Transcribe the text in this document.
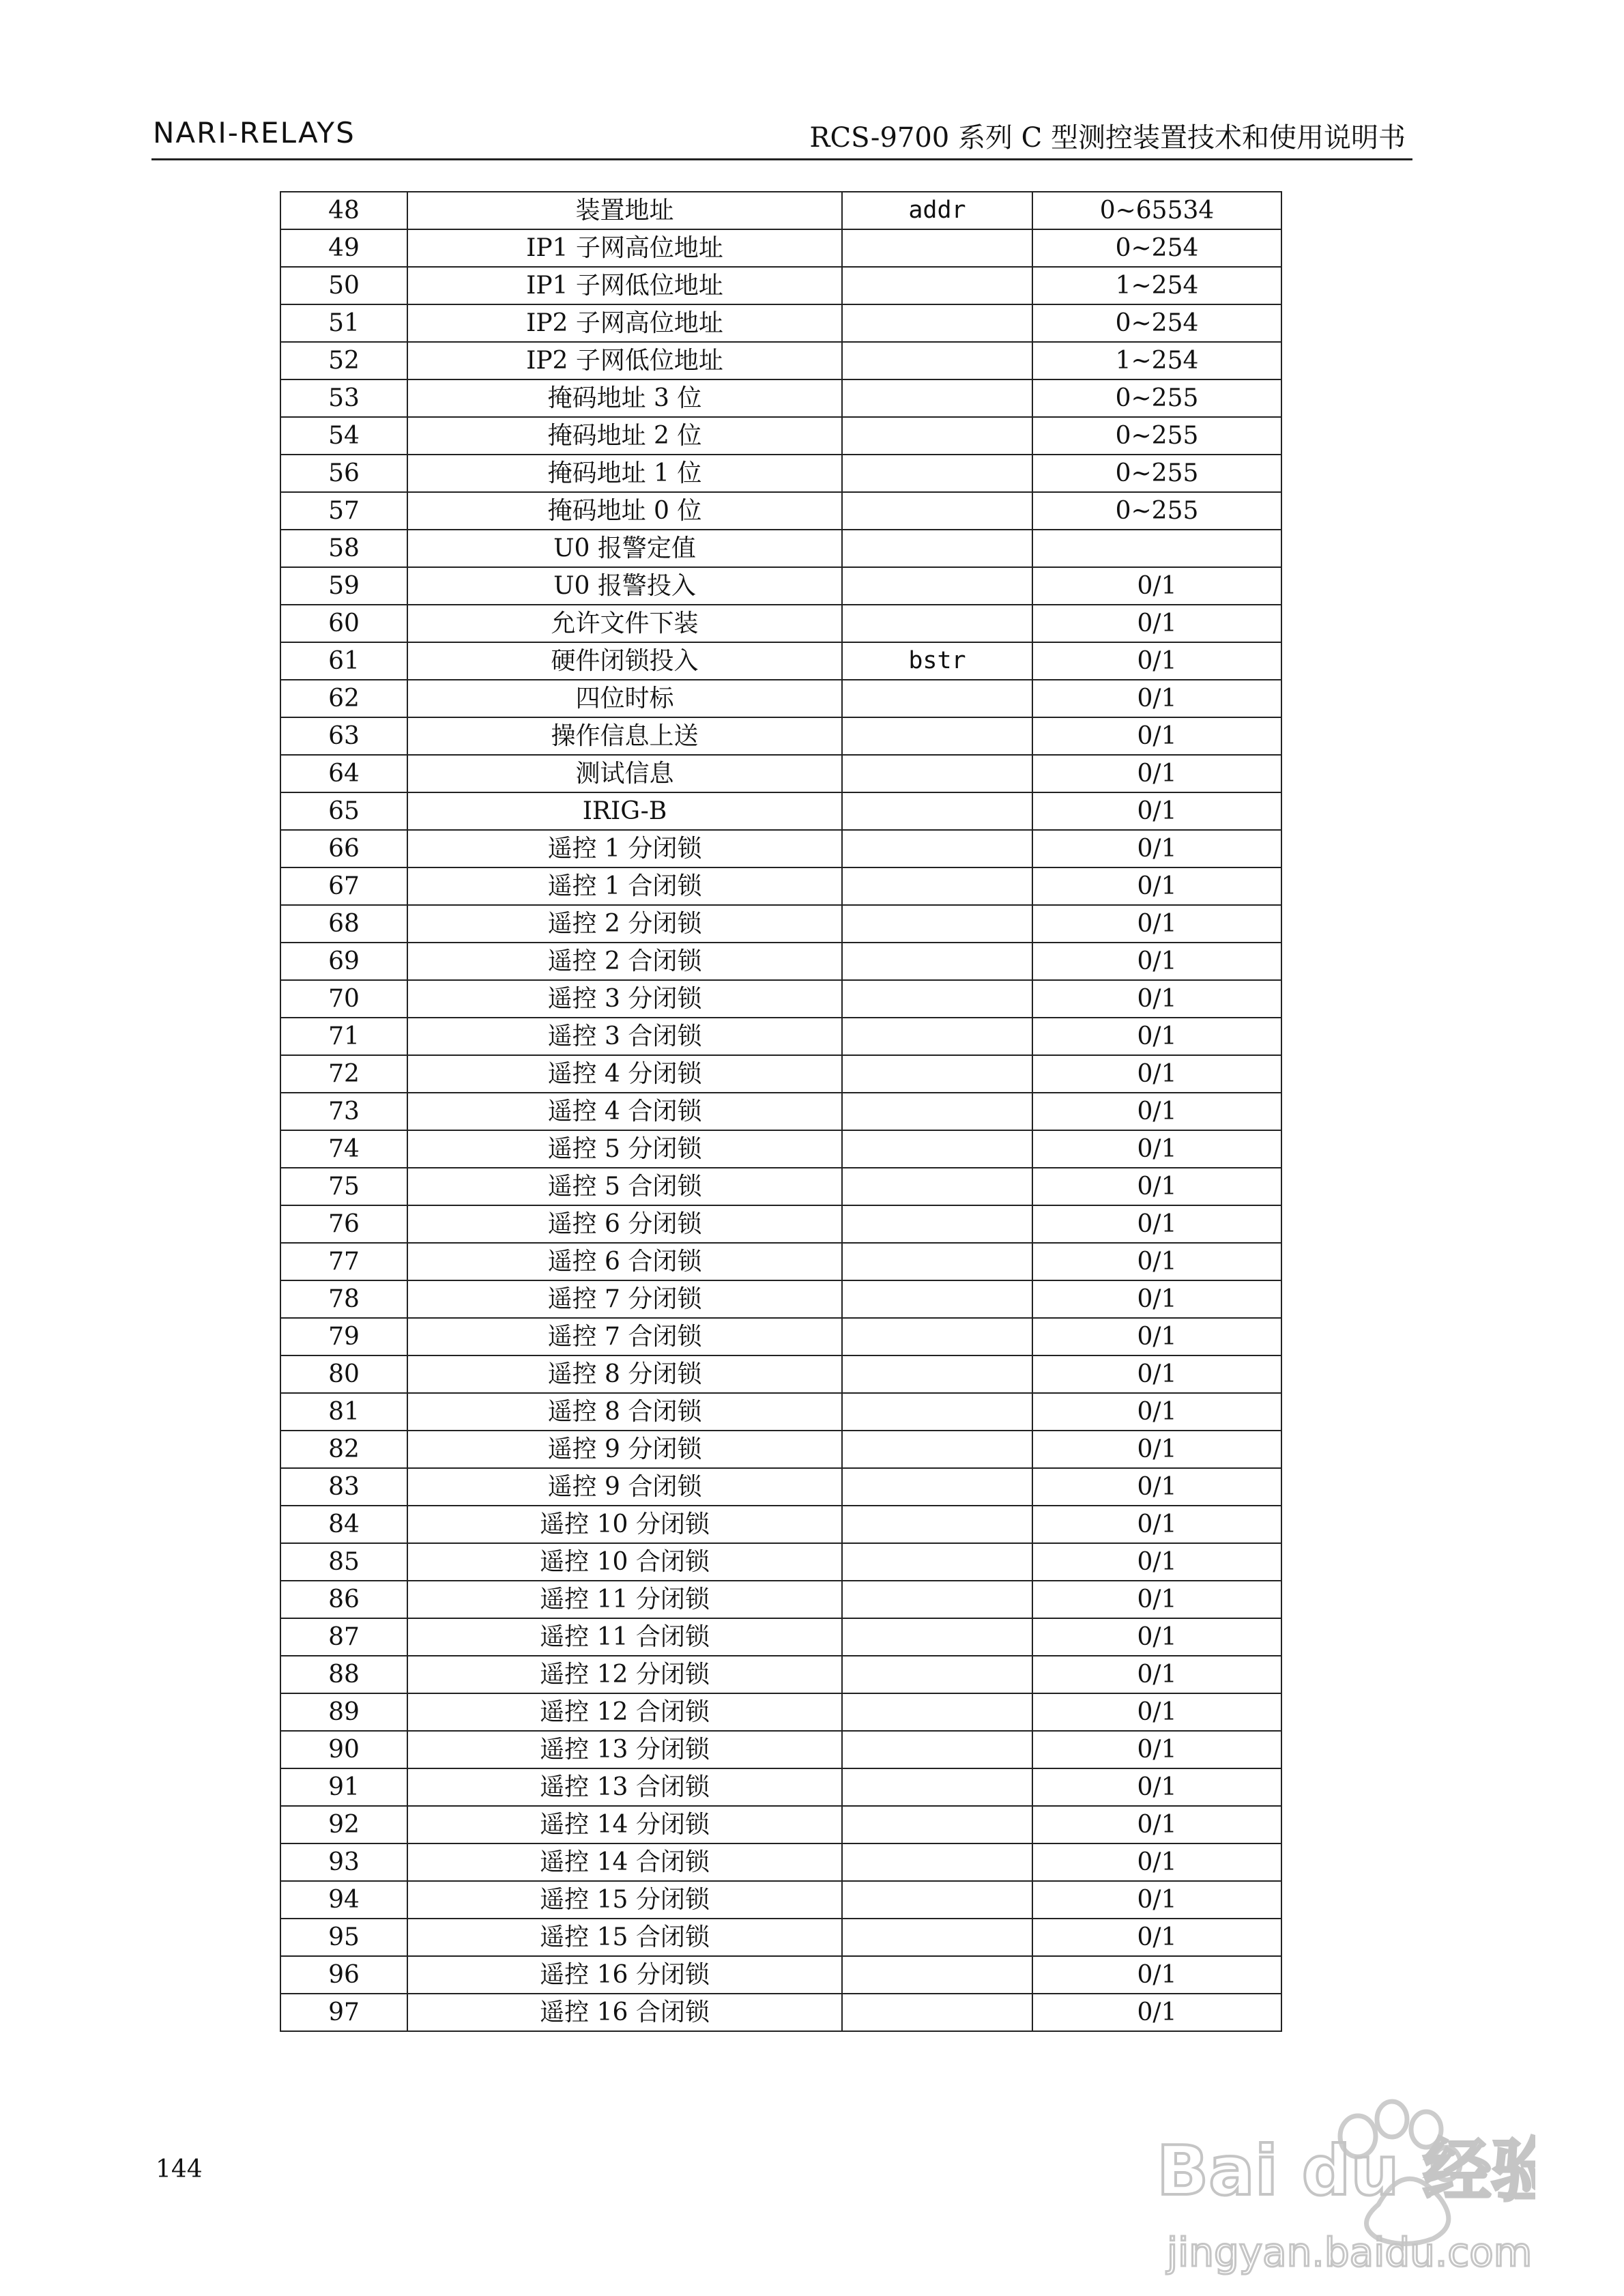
NARI-RELAYS	RCS-9700 系列 C 型测控装置技术和使用说明书
48	装置地址	addr	0~65534
49	IP1 子网高位地址		0~254
50	IP1 子网低位地址		1~254
51	IP2 子网高位地址		0~254
52	IP2 子网低位地址		1~254
53	掩码地址 3 位		0~255
54	掩码地址 2 位		0~255
56	掩码地址 1 位		0~255
57	掩码地址 0 位		0~255
58	U0 报警定值		
59	U0 报警投入		0/1
60	允许文件下装		0/1
61	硬件闭锁投入	bstr	0/1
62	四位时标		0/1
63	操作信息上送		0/1
64	测试信息		0/1
65	IRIG-B		0/1
66	遥控 1 分闭锁		0/1
67	遥控 1 合闭锁		0/1
68	遥控 2 分闭锁		0/1
69	遥控 2 合闭锁		0/1
70	遥控 3 分闭锁		0/1
71	遥控 3 合闭锁		0/1
72	遥控 4 分闭锁		0/1
73	遥控 4 合闭锁		0/1
74	遥控 5 分闭锁		0/1
75	遥控 5 合闭锁		0/1
76	遥控 6 分闭锁		0/1
77	遥控 6 合闭锁		0/1
78	遥控 7 分闭锁		0/1
79	遥控 7 合闭锁		0/1
80	遥控 8 分闭锁		0/1
81	遥控 8 合闭锁		0/1
82	遥控 9 分闭锁		0/1
83	遥控 9 合闭锁		0/1
84	遥控 10 分闭锁		0/1
85	遥控 10 合闭锁		0/1
86	遥控 11 分闭锁		0/1
87	遥控 11 合闭锁		0/1
88	遥控 12 分闭锁		0/1
89	遥控 12 合闭锁		0/1
90	遥控 13 分闭锁		0/1
91	遥控 13 合闭锁		0/1
92	遥控 14 分闭锁		0/1
93	遥控 14 合闭锁		0/1
94	遥控 15 分闭锁		0/1
95	遥控 15 合闭锁		0/1
96	遥控 16 分闭锁		0/1
97	遥控 16 合闭锁		0/1
144	Bai du 经验
jingyan.baidu.com
